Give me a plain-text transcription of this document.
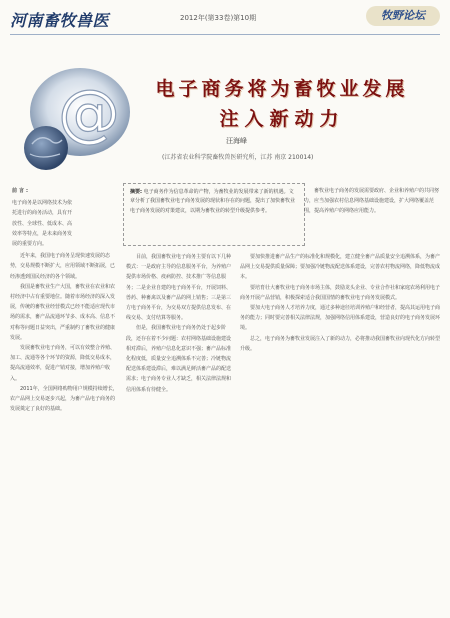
河南畜牧兽医	2012年(第33卷)第10期	牧野论坛
@	电子商务将为畜牧业发展
注入新动力
汪海峰
(江苏省农业科学院畜牧兽医研究所，江苏 南京 210014)
摘要: 电子商务作为信息革命的产物，为畜牧业的发展带来了新的机遇。文章分析了我国畜牧业电子商务发展的现状和存在的问题，提出了加快畜牧业电子商务发展的对策建议，以期为畜牧业的转型升级提供参考。

前言:

电子商务是以网络技术为依托进行的商务活动，具有开放性、全球性、低成本、高效率等特点，是未来商务发展的重要方向。

近年来，我国电子商务呈现快速发展的态势，交易规模不断扩大，应用领域不断拓展，已经渗透到国民经济的各个领域。

我国是畜牧业生产大国，畜牧业在农业和农村经济中占有重要地位。随着市场经济的深入发展，传统的畜牧业经营模式已经不能适应现代市场的需求，畜产品流通环节多、成本高、信息不对称等问题日益突出，严重制约了畜牧业的健康发展。

发展畜牧业电子商务，可以有效整合养殖、加工、流通等各个环节的资源，降低交易成本，提高流通效率，促进产销对接，增加养殖户收入。

2011年，全国网络购物用户规模持续增长，农产品网上交易逐步兴起，为畜产品电子商务的发展奠定了良好的基础。

目前，我国畜牧业电子商务主要有以下几种模式：一是政府主导的信息服务平台，为养殖户提供市场价格、疫病防控、技术推广等信息服务；二是企业自建的电子商务平台，开展饲料、兽药、种畜禽以及畜产品的网上销售；三是第三方电子商务平台，为交易双方提供信息发布、在线交易、支付结算等服务。

但是，我国畜牧业电子商务仍处于起步阶段，还存在着不少问题：农村网络基础设施建设相对滞后，养殖户信息化意识不强；畜产品标准化程度低，质量安全追溯体系不完善；冷链物流配送体系建设滞后，难以满足鲜活畜产品的配送需求；电子商务专业人才缺乏，相关法律法规和信用体系有待健全。

畜牧业电子商务的发展需要政府、企业和养殖户的共同努力，应当加强农村信息网络基础设施建设，扩大网络覆盖范围，提高养殖户的网络应用能力。

要加快推进畜产品生产的标准化和规模化，建立健全畜产品质量安全追溯体系，为畜产品网上交易提供质量保障；要加强冷链物流配送体系建设，完善农村物流网络，降低物流成本。

要培育壮大畜牧业电子商务市场主体，鼓励龙头企业、专业合作社和家庭农场利用电子商务开展产品营销，积极探索适合我国国情的畜牧业电子商务发展模式。

要加大电子商务人才培养力度，通过多种途径培训养殖户和经营者，提高其运用电子商务的能力；同时要完善相关法律法规，加强网络信用体系建设，营造良好的电子商务发展环境。

总之，电子商务为畜牧业发展注入了新的动力，必将推动我国畜牧业向现代化方向转型升级。
